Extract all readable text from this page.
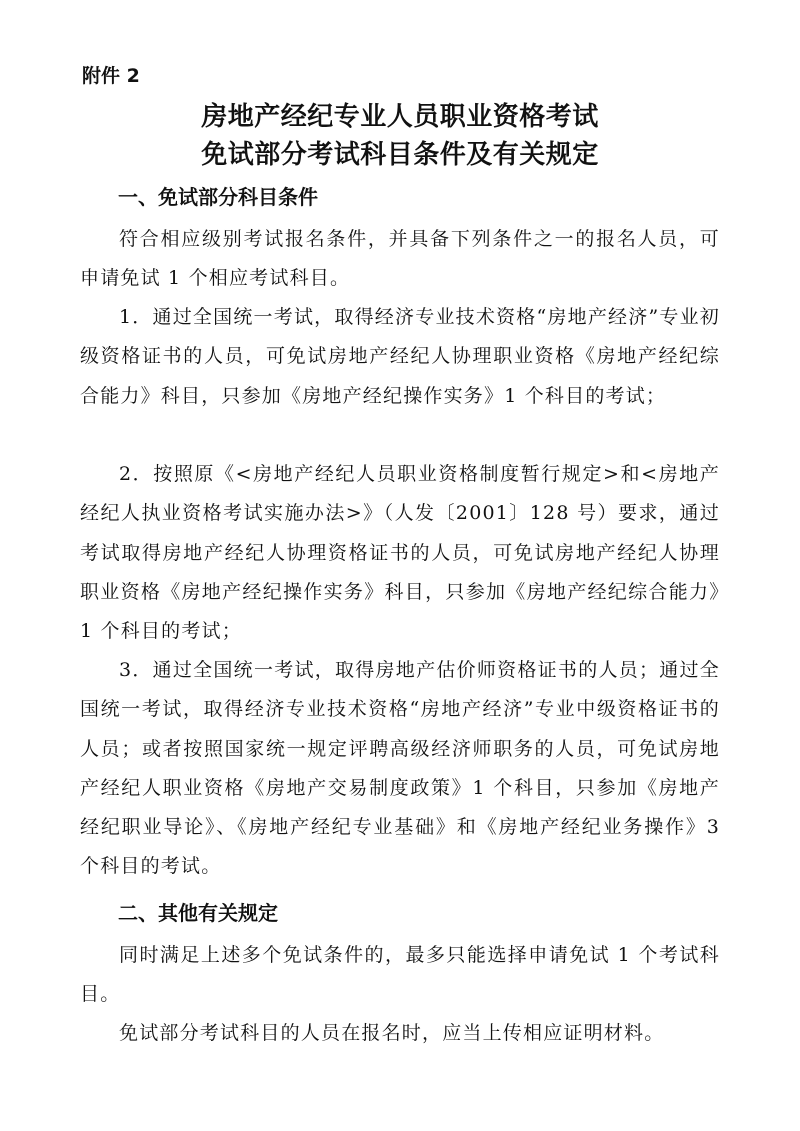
附件 2
房地产经纪专业人员职业资格考试
免试部分考试科目条件及有关规定
一、免试部分科目条件

符合相应级别考试报名条件，并具备下列条件之一的报名人员，可申请免试 1 个相应考试科目。

1．通过全国统一考试，取得经济专业技术资格“房地产经济”专业初级资格证书的人员，可免试房地产经纪人协理职业资格《房地产经纪综合能力》科目，只参加《房地产经纪操作实务》1 个科目的考试；

2．按照原《<房地产经纪人员职业资格制度暂行规定>和<房地产经纪人执业资格考试实施办法>》（人发〔2001〕128 号）要求，通过考试取得房地产经纪人协理资格证书的人员，可免试房地产经纪人协理职业资格《房地产经纪操作实务》科目，只参加《房地产经纪综合能力》1 个科目的考试；

3．通过全国统一考试，取得房地产估价师资格证书的人员；通过全国统一考试，取得经济专业技术资格“房地产经济”专业中级资格证书的人员；或者按照国家统一规定评聘高级经济师职务的人员，可免试房地产经纪人职业资格《房地产交易制度政策》1 个科目，只参加《房地产经纪职业导论》、《房地产经纪专业基础》和《房地产经纪业务操作》3 个科目的考试。

二、其他有关规定

同时满足上述多个免试条件的，最多只能选择申请免试 1 个考试科目。

免试部分考试科目的人员在报名时，应当上传相应证明材料。
